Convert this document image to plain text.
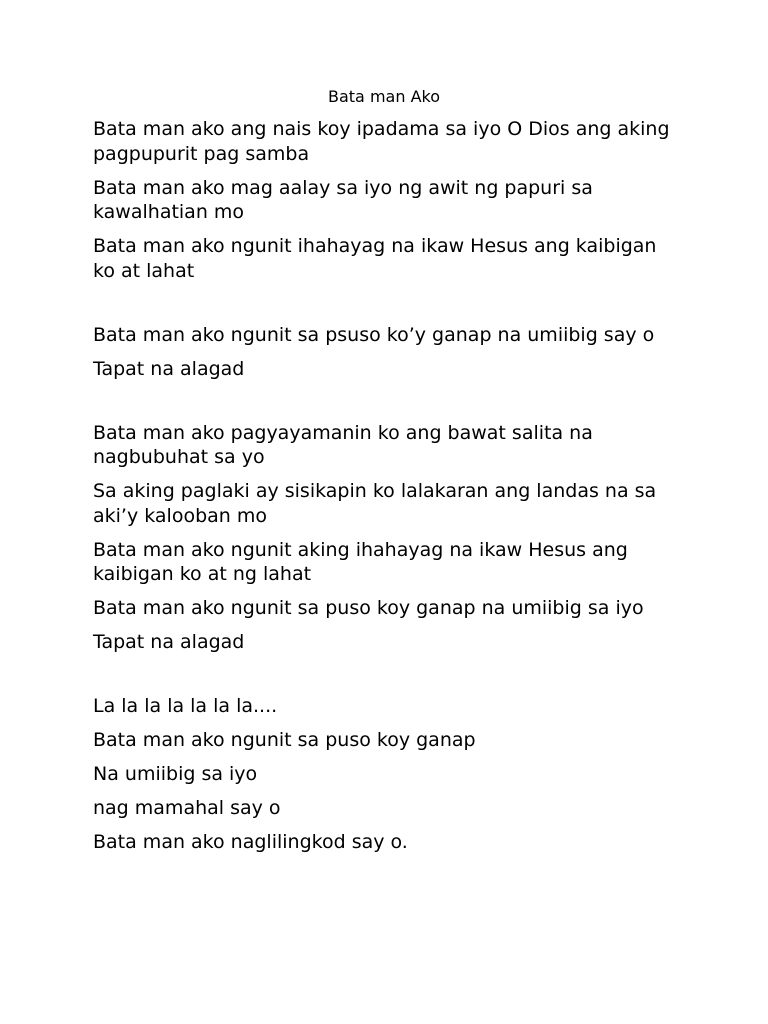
Bata man Ako

Bata man ako ang nais koy ipadama sa iyo O Dios ang aking pagpupurit pag samba

Bata man ako mag aalay sa iyo ng awit ng papuri sa kawalhatian mo

Bata man ako ngunit ihahayag na ikaw Hesus ang kaibigan ko at lahat

Bata man ako ngunit sa psuso ko’y ganap na umiibig say o

Tapat na alagad

Bata man ako pagyayamanin ko ang bawat salita na nagbubuhat sa yo

Sa aking paglaki ay sisikapin ko lalakaran ang landas na sa aki’y kalooban mo

Bata man ako ngunit aking ihahayag na ikaw Hesus ang kaibigan ko at ng lahat

Bata man ako ngunit sa puso koy ganap na umiibig sa iyo

Tapat na alagad

La la la la la la la....

Bata man ako ngunit sa puso koy ganap

Na umiibig sa iyo

nag mamahal say o

Bata man ako naglilingkod say o.
